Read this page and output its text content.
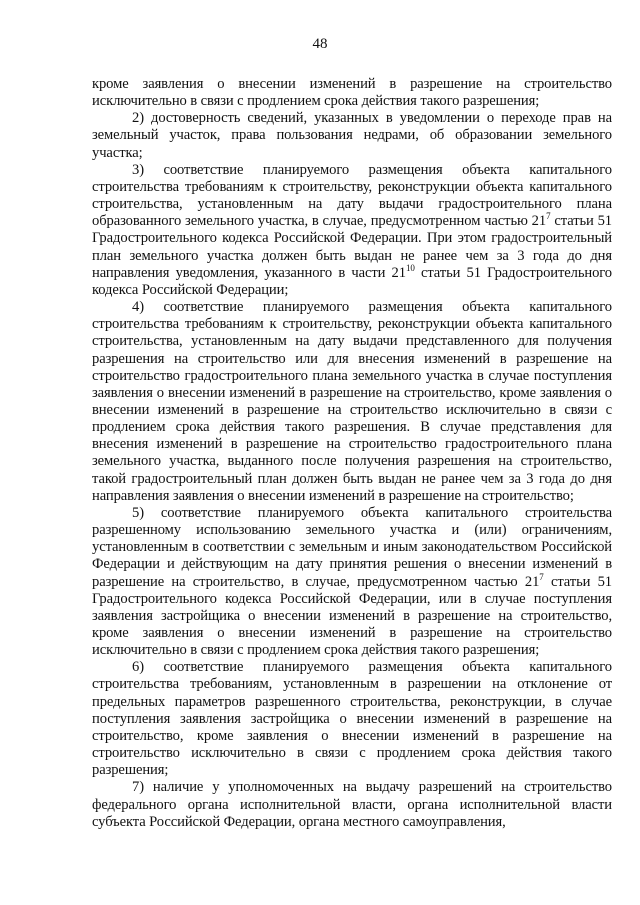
48

кроме заявления о внесении изменений в разрешение на строительство исключительно в связи с продлением срока действия такого разрешения;

2) достоверность сведений, указанных в уведомлении о переходе прав на земельный участок, права пользования недрами, об образовании земельного участка;

3) соответствие планируемого размещения объекта капитального строительства требованиям к строительству, реконструкции объекта капитального строительства, установленным на дату выдачи градостроительного плана образованного земельного участка, в случае, предусмотренном частью $21^7$ статьи 51 Градостроительного кодекса Российской Федерации. При этом градостроительный план земельного участка должен быть выдан не ранее чем за 3 года до дня направления уведомления, указанного в части $21^{10}$ статьи 51 Градостроительного кодекса Российской Федерации;

4) соответствие планируемого размещения объекта капитального строительства требованиям к строительству, реконструкции объекта капитального строительства, установленным на дату выдачи представленного для получения разрешения на строительство или для внесения изменений в разрешение на строительство градостроительного плана земельного участка в случае поступления заявления о внесении изменений в разрешение на строительство, кроме заявления о внесении изменений в разрешение на строительство исключительно в связи с продлением срока действия такого разрешения. В случае представления для внесения изменений в разрешение на строительство градостроительного плана земельного участка, выданного после получения разрешения на строительство, такой градостроительный план должен быть выдан не ранее чем за 3 года до дня направления заявления о внесении изменений в разрешение на строительство;

5) соответствие планируемого объекта капитального строительства разрешенному использованию земельного участка и (или) ограничениям, установленным в соответствии с земельным и иным законодательством Российской Федерации и действующим на дату принятия решения о внесении изменений в разрешение на строительство, в случае, предусмотренном частью $21^7$ статьи 51 Градостроительного кодекса Российской Федерации, или в случае поступления заявления застройщика о внесении изменений в разрешение на строительство, кроме заявления о внесении изменений в разрешение на строительство исключительно в связи с продлением срока действия такого разрешения;

6) соответствие планируемого размещения объекта капитального строительства требованиям, установленным в разрешении на отклонение от предельных параметров разрешенного строительства, реконструкции, в случае поступления заявления застройщика о внесении изменений в разрешение на строительство, кроме заявления о внесении изменений в разрешение на строительство исключительно в связи с продлением срока действия такого разрешения;

7) наличие у уполномоченных на выдачу разрешений на строительство федерального органа исполнительной власти, органа исполнительной власти субъекта Российской Федерации, органа местного самоуправления,
